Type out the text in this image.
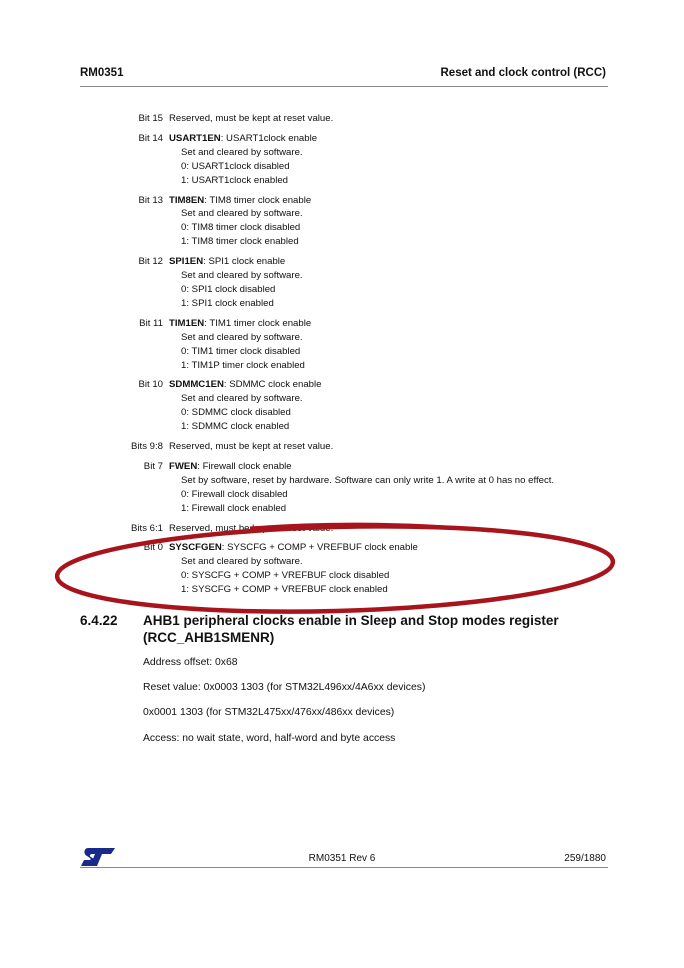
RM0351	Reset and clock control (RCC)
Bit 15 Reserved, must be kept at reset value.
Bit 14 USART1EN: USART1clock enable
Set and cleared by software.
0: USART1clock disabled
1: USART1clock enabled
Bit 13 TIM8EN: TIM8 timer clock enable
Set and cleared by software.
0: TIM8 timer clock disabled
1: TIM8 timer clock enabled
Bit 12 SPI1EN: SPI1 clock enable
Set and cleared by software.
0: SPI1 clock disabled
1: SPI1 clock enabled
Bit 11 TIM1EN: TIM1 timer clock enable
Set and cleared by software.
0: TIM1 timer clock disabled
1: TIM1P timer clock enabled
Bit 10 SDMMC1EN: SDMMC clock enable
Set and cleared by software.
0: SDMMC clock disabled
1: SDMMC clock enabled
Bits 9:8 Reserved, must be kept at reset value.
Bit 7 FWEN: Firewall clock enable
Set by software, reset by hardware. Software can only write 1. A write at 0 has no effect.
0: Firewall clock disabled
1: Firewall clock enabled
Bits 6:1 Reserved, must be kept at reset value.
Bit 0 SYSCFGEN: SYSCFG + COMP + VREFBUF clock enable
Set and cleared by software.
0: SYSCFG + COMP + VREFBUF clock disabled
1: SYSCFG + COMP + VREFBUF clock enabled
6.4.22 AHB1 peripheral clocks enable in Sleep and Stop modes register (RCC_AHB1SMENR)
Address offset: 0x68
Reset value: 0x0003 1303 (for STM32L496xx/4A6xx devices)
0x0001 1303 (for STM32L475xx/476xx/486xx devices)
Access: no wait state, word, half-word and byte access
RM0351 Rev 6	259/1880
